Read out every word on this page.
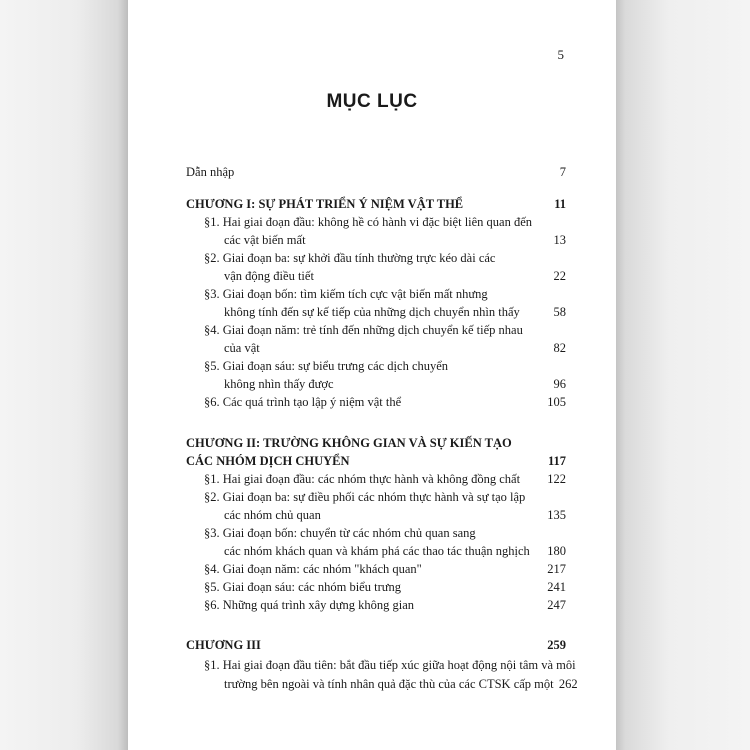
5
MỤC LỤC
Dẫn nhập	7
CHƯƠNG I: SỰ PHÁT TRIỂN Ý NIỆM VẬT THỂ	11
§1. Hai giai đoạn đầu: không hề có hành vi đặc biệt liên quan đến
các vật biến mất	13
§2. Giai đoạn ba: sự khởi đầu tính thường trực kéo dài các
vận động điều tiết	22
§3. Giai đoạn bốn: tìm kiếm tích cực vật biến mất nhưng
không tính đến sự kế tiếp của những dịch chuyển nhìn thấy	58
§4. Giai đoạn năm: trẻ tính đến những dịch chuyển kế tiếp nhau
của vật	82
§5. Giai đoạn sáu: sự biểu trưng các dịch chuyển
không nhìn thấy được	96
§6. Các quá trình tạo lập ý niệm vật thể	105
CHƯƠNG II: TRƯỜNG KHÔNG GIAN VÀ SỰ KIẾN TẠO
CÁC NHÓM DỊCH CHUYỂN	117
§1. Hai giai đoạn đầu: các nhóm thực hành và không đồng chất	122
§2. Giai đoạn ba: sự điều phối các nhóm thực hành và sự tạo lập
các nhóm chủ quan	135
§3. Giai đoạn bốn: chuyển từ các nhóm chủ quan sang
các nhóm khách quan và khám phá các thao tác thuận nghịch	180
§4. Giai đoạn năm: các nhóm "khách quan"	217
§5. Giai đoạn sáu: các nhóm biểu trưng	241
§6. Những quá trình xây dựng không gian	247
CHƯƠNG III	259
§1. Hai giai đoạn đầu tiên: bắt đầu tiếp xúc giữa hoạt động nội tâm và môi
trường bên ngoài và tính nhân quả đặc thù của các CTSK cấp một 262
